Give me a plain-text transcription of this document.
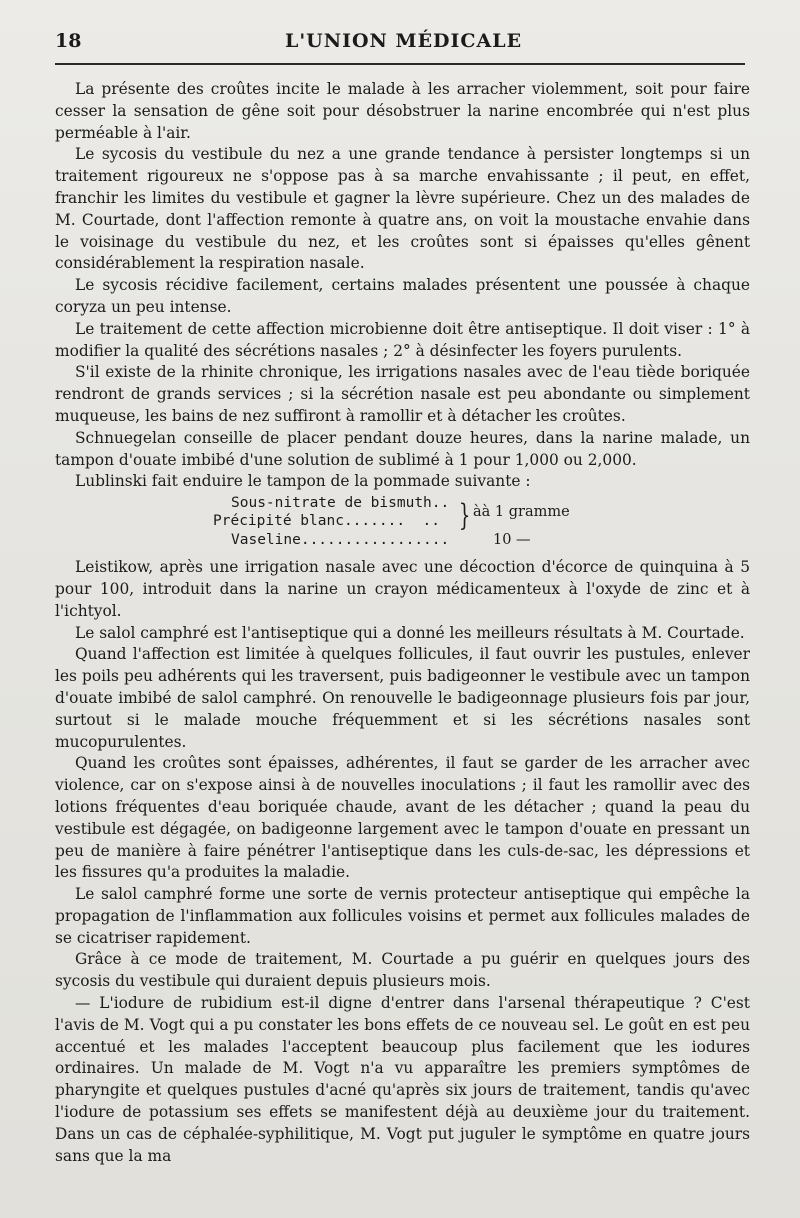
18	L'UNION MÉDICALE

La présente des croûtes incite le malade à les arracher violemment, soit pour faire cesser la sensation de gêne soit pour désobstruer la narine encombrée qui n'est plus perméable à l'air.

Le sycosis du vestibule du nez a une grande tendance à persister longtemps si un traitement rigoureux ne s'oppose pas à sa marche envahissante ; il peut, en effet, franchir les limites du vestibule et gagner la lèvre supérieure. Chez un des malades de M. Courtade, dont l'affection remonte à quatre ans, on voit la moustache envahie dans le voisinage du vestibule du nez, et les croûtes sont si épaisses qu'elles gênent considérablement la respiration nasale.

Le sycosis récidive facilement, certains malades présentent une poussée à chaque coryza un peu intense.

Le traitement de cette affection microbienne doit être antiseptique. Il doit viser : 1° à modifier la qualité des sécrétions nasales ; 2° à désinfecter les foyers purulents.

S'il existe de la rhinite chronique, les irrigations nasales avec de l'eau tiède boriquée rendront de grands services ; si la sécrétion nasale est peu abondante ou simplement muqueuse, les bains de nez suffiront à ramollir et à détacher les croûtes.

Schnuegelan conseille de placer pendant douze heures, dans la narine malade, un tampon d'ouate imbibé d'une solution de sublimé à 1 pour 1,000 ou 2,000.

Lublinski fait enduire le tampon de la pommade suivante :

Sous-nitrate de bismuth..
Précipité blanc.......  ..
Vaseline.................
} àà 1 gramme
10 —

Leistikow, après une irrigation nasale avec une décoction d'écorce de quinquina à 5 pour 100, introduit dans la narine un crayon médicamenteux à l'oxyde de zinc et à l'ichtyol.

Le salol camphré est l'antiseptique qui a donné les meilleurs résultats à M. Courtade.

Quand l'affection est limitée à quelques follicules, il faut ouvrir les pustules, enlever les poils peu adhérents qui les traversent, puis badigeonner le vestibule avec un tampon d'ouate imbibé de salol camphré. On renouvelle le badigeonnage plusieurs fois par jour, surtout si le malade mouche fréquemment et si les sécrétions nasales sont mucopurulentes.

Quand les croûtes sont épaisses, adhérentes, il faut se garder de les arracher avec violence, car on s'expose ainsi à de nouvelles inoculations ; il faut les ramollir avec des lotions fréquentes d'eau boriquée chaude, avant de les détacher ; quand la peau du vestibule est dégagée, on badigeonne largement avec le tampon d'ouate en pressant un peu de manière à faire pénétrer l'antiseptique dans les culs-de-sac, les dépressions et les fissures qu'a produites la maladie.

Le salol camphré forme une sorte de vernis protecteur antiseptique qui empêche la propagation de l'inflammation aux follicules voisins et permet aux follicules malades de se cicatriser rapidement.

Grâce à ce mode de traitement, M. Courtade a pu guérir en quelques jours des sycosis du vestibule qui duraient depuis plusieurs mois.

— L'iodure de rubidium est-il digne d'entrer dans l'arsenal thérapeutique ? C'est l'avis de M. Vogt qui a pu constater les bons effets de ce nouveau sel. Le goût en est peu accentué et les malades l'acceptent beaucoup plus facilement que les iodures ordinaires. Un malade de M. Vogt n'a vu apparaître les premiers symptômes de pharyngite et quelques pustules d'acné qu'après six jours de traitement, tandis qu'avec l'iodure de potassium ses effets se manifestent déjà au deuxième jour du traitement. Dans un cas de céphalée-syphilitique, M. Vogt put juguler le symptôme en quatre jours sans que la ma
